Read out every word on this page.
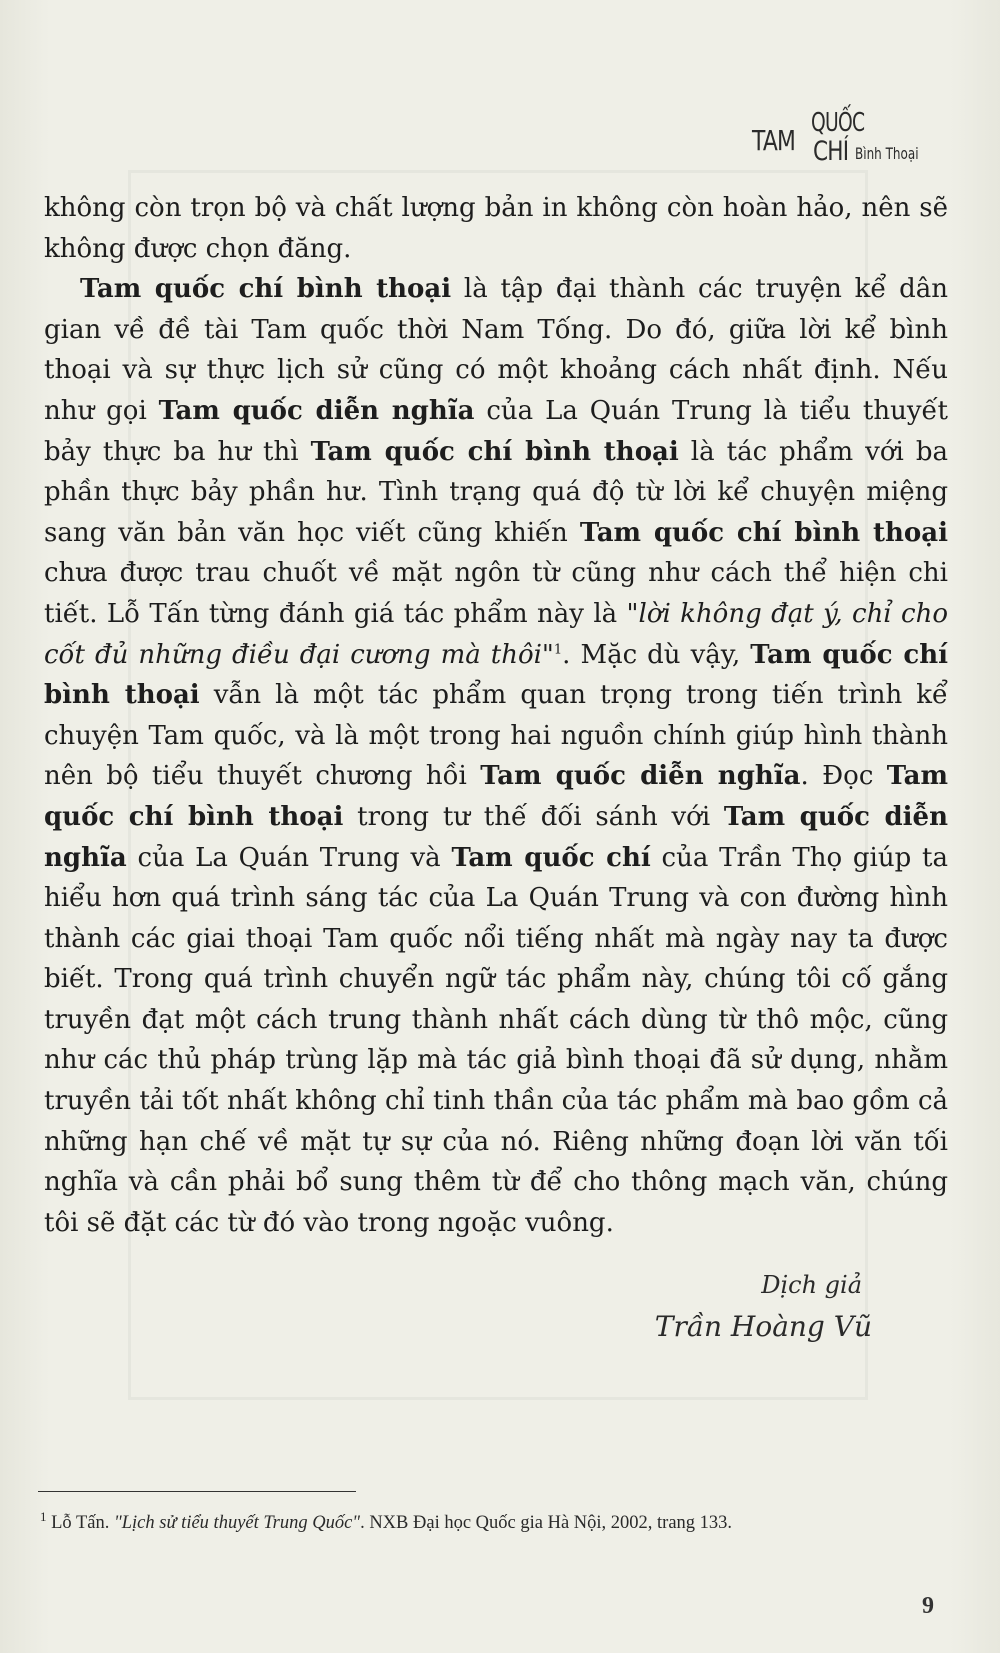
TAM
QUỐC
CHÍ Bình Thoại

không còn trọn bộ và chất lượng bản in không còn hoàn hảo, nên sẽ không được chọn đăng.

Tam quốc chí bình thoại là tập đại thành các truyện kể dân gian về đề tài Tam quốc thời Nam Tống. Do đó, giữa lời kể bình thoại và sự thực lịch sử cũng có một khoảng cách nhất định. Nếu như gọi Tam quốc diễn nghĩa của La Quán Trung là tiểu thuyết bảy thực ba hư thì Tam quốc chí bình thoại là tác phẩm với ba phần thực bảy phần hư. Tình trạng quá độ từ lời kể chuyện miệng sang văn bản văn học viết cũng khiến Tam quốc chí bình thoại chưa được trau chuốt về mặt ngôn từ cũng như cách thể hiện chi tiết. Lỗ Tấn từng đánh giá tác phẩm này là "lời không đạt ý, chỉ cho cốt đủ những điều đại cương mà thôi"$^1$. Mặc dù vậy, Tam quốc chí bình thoại vẫn là một tác phẩm quan trọng trong tiến trình kể chuyện Tam quốc, và là một trong hai nguồn chính giúp hình thành nên bộ tiểu thuyết chương hồi Tam quốc diễn nghĩa. Đọc Tam quốc chí bình thoại trong tư thế đối sánh với Tam quốc diễn nghĩa của La Quán Trung và Tam quốc chí của Trần Thọ giúp ta hiểu hơn quá trình sáng tác của La Quán Trung và con đường hình thành các giai thoại Tam quốc nổi tiếng nhất mà ngày nay ta được biết. Trong quá trình chuyển ngữ tác phẩm này, chúng tôi cố gắng truyền đạt một cách trung thành nhất cách dùng từ thô mộc, cũng như các thủ pháp trùng lặp mà tác giả bình thoại đã sử dụng, nhằm truyền tải tốt nhất không chỉ tinh thần của tác phẩm mà bao gồm cả những hạn chế về mặt tự sự của nó. Riêng những đoạn lời văn tối nghĩa và cần phải bổ sung thêm từ để cho thông mạch văn, chúng tôi sẽ đặt các từ đó vào trong ngoặc vuông.

Dịch giả
Trần Hoàng Vũ
$^1$ Lỗ Tấn. "Lịch sử tiểu thuyết Trung Quốc". NXB Đại học Quốc gia Hà Nội, 2002, trang 133.
9
